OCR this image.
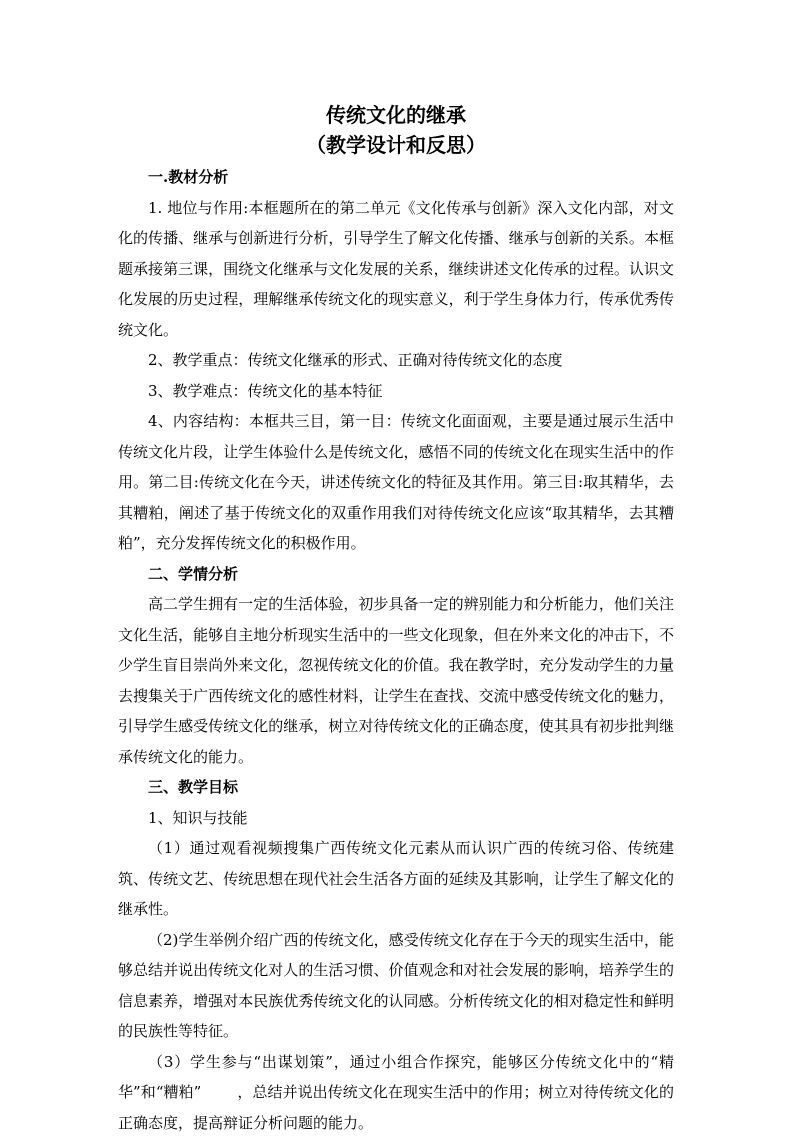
传统文化的继承

（教学设计和反思）

一.教材分析

1. 地位与作用:本框题所在的第二单元《文化传承与创新》深入文化内部，对文化的传播、继承与创新进行分析，引导学生了解文化传播、继承与创新的关系。本框题承接第三课，围绕文化继承与文化发展的关系，继续讲述文化传承的过程。认识文化发展的历史过程，理解继承传统文化的现实意义，利于学生身体力行，传承优秀传统文化。

2、教学重点：传统文化继承的形式、正确对待传统文化的态度

3、教学难点：传统文化的基本特征

4、内容结构：本框共三目，第一目：传统文化面面观，主要是通过展示生活中传统文化片段，让学生体验什么是传统文化，感悟不同的传统文化在现实生活中的作用。第二目:传统文化在今天，讲述传统文化的特征及其作用。第三目:取其精华，去其糟粕，阐述了基于传统文化的双重作用我们对待传统文化应该“取其精华，去其糟粕”，充分发挥传统文化的积极作用。

二、学情分析

高二学生拥有一定的生活体验，初步具备一定的辨别能力和分析能力，他们关注文化生活，能够自主地分析现实生活中的一些文化现象，但在外来文化的冲击下，不少学生盲目崇尚外来文化，忽视传统文化的价值。我在教学时，充分发动学生的力量去搜集关于广西传统文化的感性材料，让学生在查找、交流中感受传统文化的魅力，引导学生感受传统文化的继承，树立对待传统文化的正确态度，使其具有初步批判继承传统文化的能力。

三、教学目标

1、知识与技能

（1）通过观看视频搜集广西传统文化元素从而认识广西的传统习俗、传统建筑、传统文艺、传统思想在现代社会生活各方面的延续及其影响，让学生了解文化的继承性。

（2)学生举例介绍广西的传统文化，感受传统文化存在于今天的现实生活中，能够总结并说出传统文化对人的生活习惯、价值观念和对社会发展的影响，培养学生的信息素养，增强对本民族优秀传统文化的认同感。分析传统文化的相对稳定性和鲜明的民族性等特征。

（3）学生参与“出谋划策”，通过小组合作探究，能够区分传统文化中的“精华”和“糟粕” ，总结并说出传统文化在现实生活中的作用；树立对待传统文化的正确态度，提高辩证分析问题的能力。
